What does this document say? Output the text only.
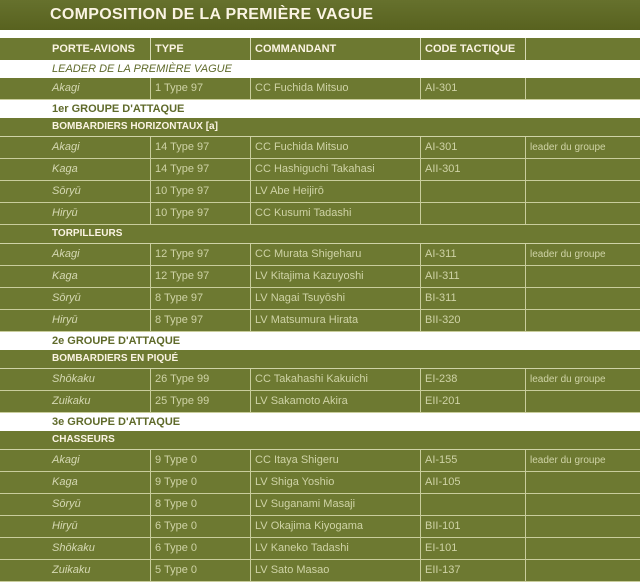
COMPOSITION DE LA PREMIÈRE VAGUE
PORTE-AVIONS	TYPE	COMMANDANT	CODE TACTIQUE
LEADER DE LA PREMIÈRE VAGUE
Akagi	1 Type 97	CC Fuchida Mitsuo	AI-301
1er GROUPE D'ATTAQUE
BOMBARDIERS HORIZONTAUX [a]
Akagi	14 Type 97	CC Fuchida Mitsuo	AI-301	leader du groupe
Kaga	14 Type 97	CC Hashiguchi Takahasi	AII-301
Sōryū	10 Type 97	LV Abe Heijirō
Hiryū	10 Type 97	CC Kusumi Tadashi
TORPILLEURS
Akagi	12 Type 97	CC Murata Shigeharu	AI-311	leader du groupe
Kaga	12 Type 97	LV Kitajima Kazuyoshi	AII-311
Sōryū	8 Type 97	LV Nagai Tsuyōshi	BI-311
Hiryū	8 Type 97	LV Matsumura Hirata	BII-320
2e GROUPE D'ATTAQUE
BOMBARDIERS EN PIQUÉ
Shōkaku	26 Type 99	CC Takahashi Kakuichi	EI-238	leader du groupe
Zuikaku	25 Type 99	LV Sakamoto Akira	EII-201
3e GROUPE D'ATTAQUE
CHASSEURS
Akagi	9 Type 0	CC Itaya Shigeru	AI-155	leader du groupe
Kaga	9 Type 0	LV Shiga Yoshio	AII-105
Sōryū	8 Type 0	LV Suganami Masaji
Hiryū	6 Type 0	LV Okajima Kiyogama	BII-101
Shōkaku	6 Type 0	LV Kaneko Tadashi	EI-101
Zuikaku	5 Type 0	LV Sato Masao	EII-137
